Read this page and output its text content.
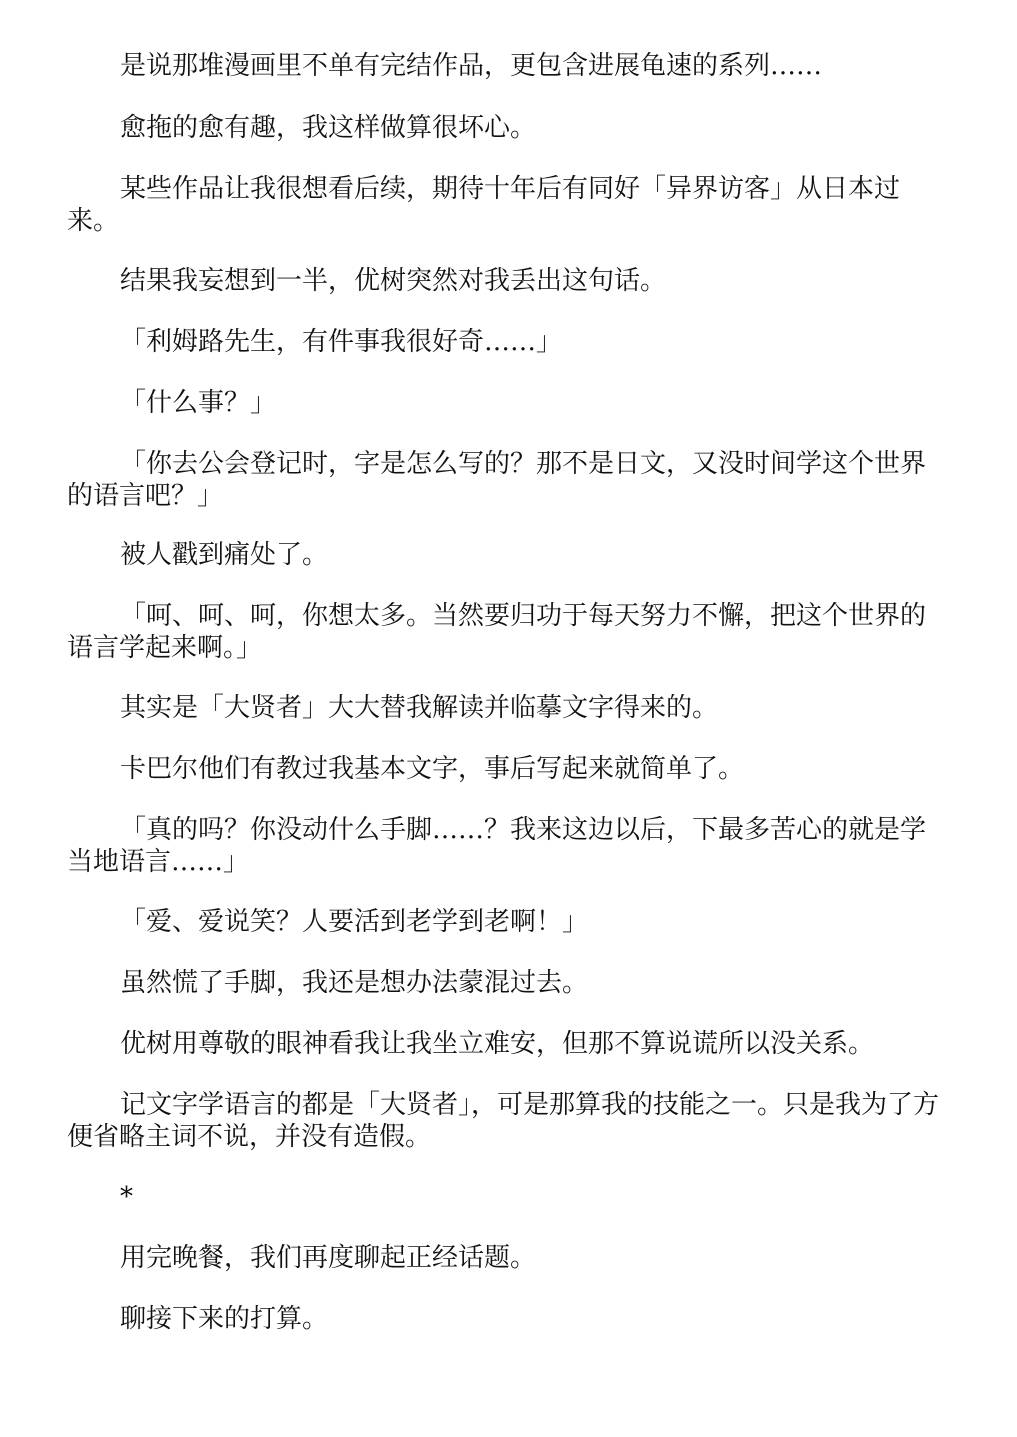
是说那堆漫画里不单有完结作品，更包含进展龟速的系列……

愈拖的愈有趣，我这样做算很坏心。

某些作品让我很想看后续，期待十年后有同好「异界访客」从日本过来。

结果我妄想到一半，优树突然对我丢出这句话。

「利姆路先生，有件事我很好奇……」

「什么事？」

「你去公会登记时，字是怎么写的？那不是日文，又没时间学这个世界的语言吧？」

被人戳到痛处了。

「呵、呵、呵，你想太多。当然要归功于每天努力不懈，把这个世界的语言学起来啊。」

其实是「大贤者」大大替我解读并临摹文字得来的。

卡巴尔他们有教过我基本文字，事后写起来就简单了。

「真的吗？你没动什么手脚……？我来这边以后，下最多苦心的就是学当地语言……」

「爱、爱说笑？人要活到老学到老啊！」

虽然慌了手脚，我还是想办法蒙混过去。

优树用尊敬的眼神看我让我坐立难安，但那不算说谎所以没关系。

记文字学语言的都是「大贤者」，可是那算我的技能之一。只是我为了方便省略主词不说，并没有造假。

*

用完晚餐，我们再度聊起正经话题。

聊接下来的打算。
